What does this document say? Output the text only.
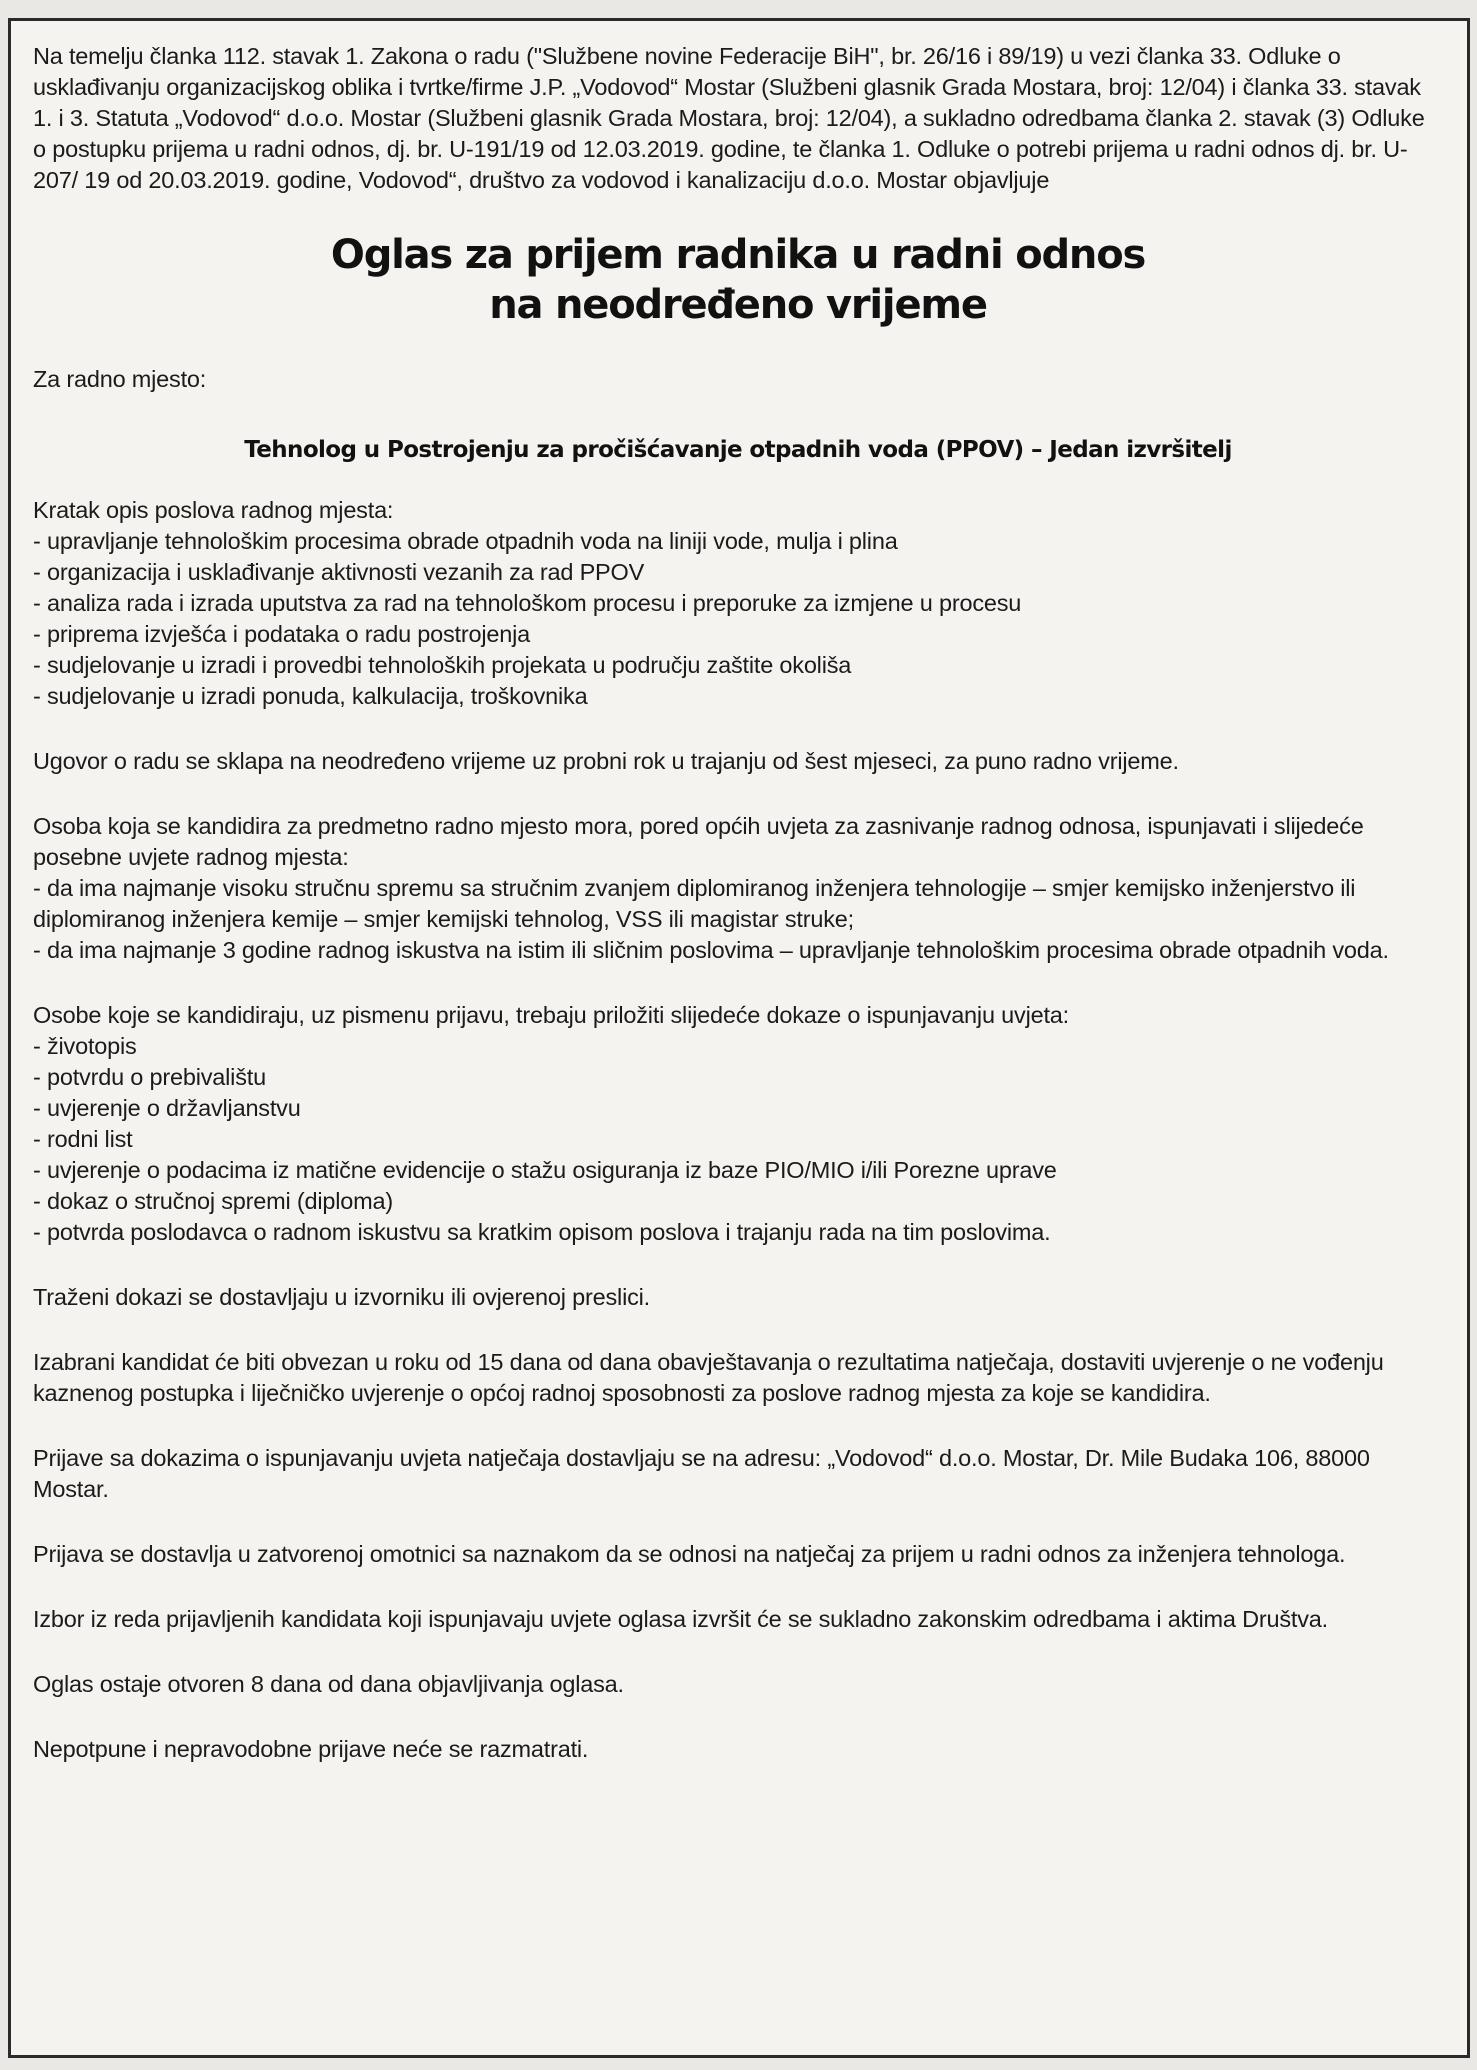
Na temelju članka 112. stavak 1. Zakona o radu ("Službene novine Federacije BiH", br. 26/16 i 89/19) u vezi članka 33. Odluke o usklađivanju organizacijskog oblika i tvrtke/firme J.P. „Vodovod“ Mostar (Službeni glasnik Grada Mostara, broj: 12/04) i članka 33. stavak 1. i 3. Statuta „Vodovod“ d.o.o. Mostar (Službeni glasnik Grada Mostara, broj: 12/04), a sukladno odredbama članka 2. stavak (3) Odluke o postupku prijema u radni odnos, dj. br. U-191/19 od 12.03.2019. godine, te članka 1. Odluke o potrebi prijema u radni odnos dj. br. U-207/ 19 od 20.03.2019. godine, Vodovod“, društvo za vodovod i kanalizaciju d.o.o. Mostar objavljuje

Oglas za prijem radnika u radni odnos
na neodređeno vrijeme

Za radno mjesto:

Tehnolog u Postrojenju za pročišćavanje otpadnih voda (PPOV) – Jedan izvršitelj

Kratak opis poslova radnog mjesta:

- upravljanje tehnološkim procesima obrade otpadnih voda na liniji vode, mulja i plina
- organizacija i usklađivanje aktivnosti vezanih za rad PPOV
- analiza rada i izrada uputstva za rad na tehnološkom procesu i preporuke za izmjene u procesu
- priprema izvješća i podataka o radu postrojenja
- sudjelovanje u izradi i provedbi tehnoloških projekata u području zaštite okoliša
- sudjelovanje u izradi ponuda, kalkulacija, troškovnika

Ugovor o radu se sklapa na neodređeno vrijeme uz probni rok u trajanju od šest mjeseci, za puno radno vrijeme.

Osoba koja se kandidira za predmetno radno mjesto mora, pored općih uvjeta za zasnivanje radnog odnosa, ispunjavati i slijedeće posebne uvjete radnog mjesta:

- da ima najmanje visoku stručnu spremu sa stručnim zvanjem diplomiranog inženjera tehnologije – smjer kemijsko inženjerstvo ili diplomiranog inženjera kemije – smjer kemijski tehnolog, VSS ili magistar struke;
- da ima najmanje 3 godine radnog iskustva na istim ili sličnim poslovima – upravljanje tehnološkim procesima obrade otpadnih voda.

Osobe koje se kandidiraju, uz pismenu prijavu, trebaju priložiti slijedeće dokaze o ispunjavanju uvjeta:

- životopis
- potvrdu o prebivalištu
- uvjerenje o državljanstvu
- rodni list
- uvjerenje o podacima iz matične evidencije o stažu osiguranja iz baze PIO/MIO i/ili Porezne uprave
- dokaz o stručnoj spremi (diploma)
- potvrda poslodavca o radnom iskustvu sa kratkim opisom poslova i trajanju rada na tim poslovima.

Traženi dokazi se dostavljaju u izvorniku ili ovjerenoj preslici.

Izabrani kandidat će biti obvezan u roku od 15 dana od dana obavještavanja o rezultatima natječaja, dostaviti uvjerenje o ne vođenju kaznenog postupka i liječničko uvjerenje o općoj radnoj sposobnosti za poslove radnog mjesta za koje se kandidira.

Prijave sa dokazima o ispunjavanju uvjeta natječaja dostavljaju se na adresu: „Vodovod“ d.o.o. Mostar, Dr. Mile Budaka 106, 88000 Mostar.

Prijava se dostavlja u zatvorenoj omotnici sa naznakom da se odnosi na natječaj za prijem u radni odnos za inženjera tehnologa.

Izbor iz reda prijavljenih kandidata koji ispunjavaju uvjete oglasa izvršit će se sukladno zakonskim odredbama i aktima Društva.

Oglas ostaje otvoren 8 dana od dana objavljivanja oglasa.

Nepotpune i nepravodobne prijave neće se razmatrati.
